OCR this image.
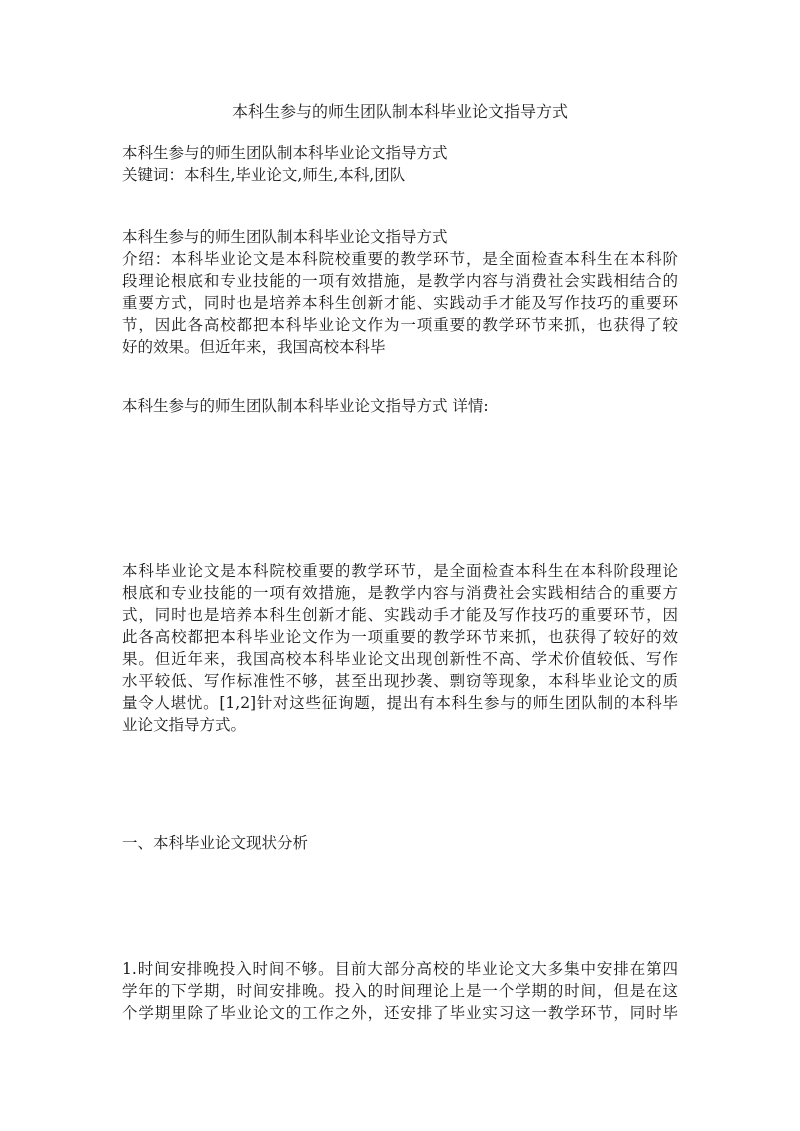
本科生参与的师生团队制本科毕业论文指导方式
本科生参与的师生团队制本科毕业论文指导方式
关键词：本科生,毕业论文,师生,本科,团队
本科生参与的师生团队制本科毕业论文指导方式
介绍：本科毕业论文是本科院校重要的教学环节，是全面检查本科生在本科阶
段理论根底和专业技能的一项有效措施，是教学内容与消费社会实践相结合的
重要方式，同时也是培养本科生创新才能、实践动手才能及写作技巧的重要环
节，因此各高校都把本科毕业论文作为一项重要的教学环节来抓，也获得了较
好的效果。但近年来，我国高校本科毕
本科生参与的师生团队制本科毕业论文指导方式 详情:
本科毕业论文是本科院校重要的教学环节，是全面检查本科生在本科阶段理论
根底和专业技能的一项有效措施，是教学内容与消费社会实践相结合的重要方
式，同时也是培养本科生创新才能、实践动手才能及写作技巧的重要环节，因
此各高校都把本科毕业论文作为一项重要的教学环节来抓，也获得了较好的效
果。但近年来，我国高校本科毕业论文出现创新性不高、学术价值较低、写作
水平较低、写作标准性不够，甚至出现抄袭、剽窃等现象，本科毕业论文的质
量令人堪忧。[1,2]针对这些征询题，提出有本科生参与的师生团队制的本科毕
业论文指导方式。
一、本科毕业论文现状分析
1.时间安排晚投入时间不够。目前大部分高校的毕业论文大多集中安排在第四
学年的下学期，时间安排晚。投入的时间理论上是一个学期的时间，但是在这
个学期里除了毕业论文的工作之外，还安排了毕业实习这一教学环节，同时毕
